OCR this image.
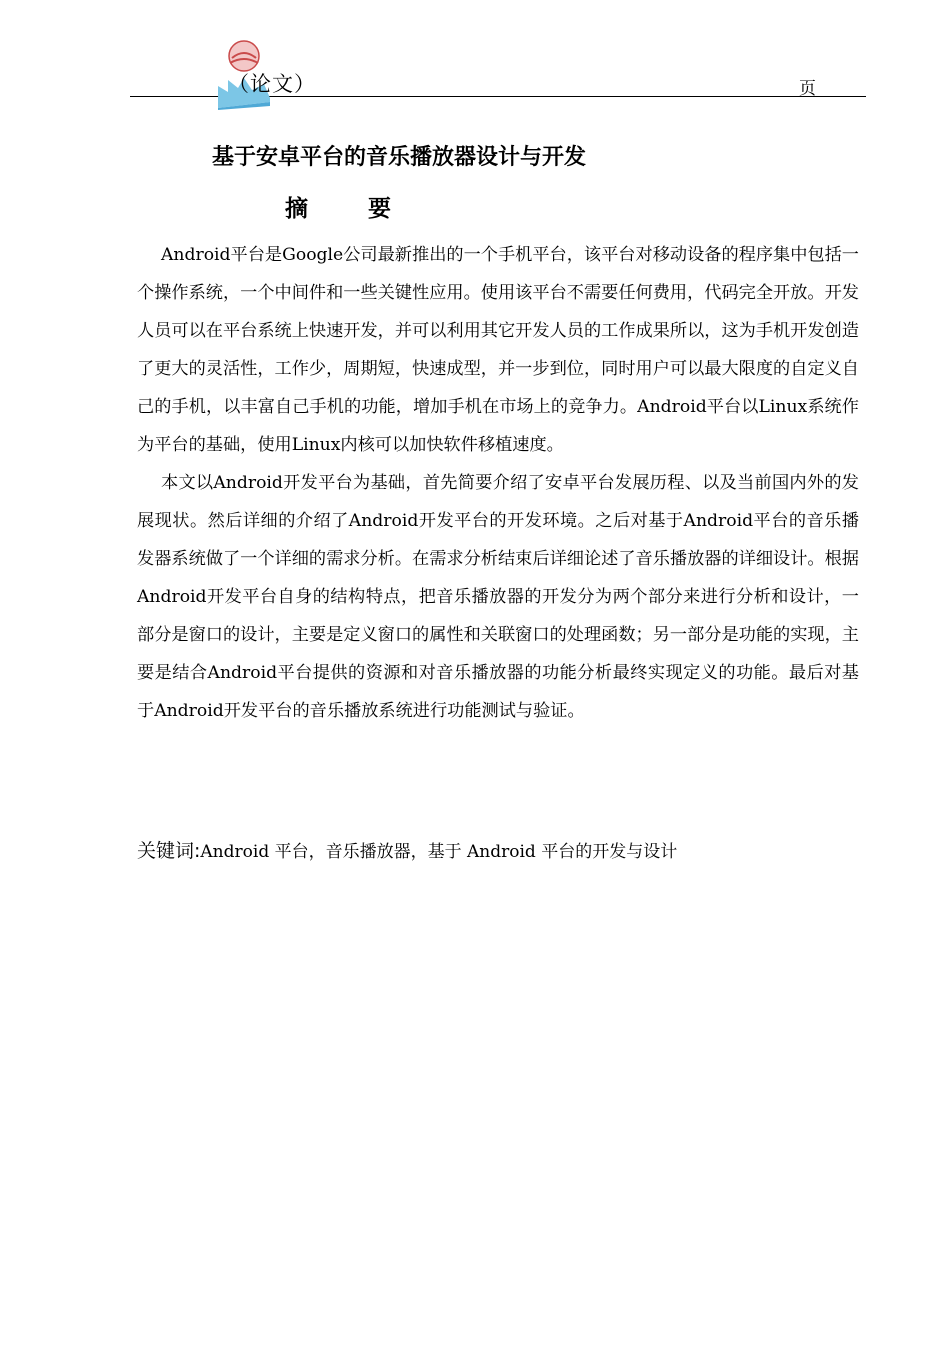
（论文）	页
基于安卓平台的音乐播放器设计与开发
摘 要

Android平台是Google公司最新推出的一个手机平台，该平台对移动设备的程序集中包括一个操作系统，一个中间件和一些关键性应用。使用该平台不需要任何费用，代码完全开放。开发人员可以在平台系统上快速开发，并可以利用其它开发人员的工作成果所以，这为手机开发创造了更大的灵活性，工作少，周期短，快速成型，并一步到位，同时用户可以最大限度的自定义自己的手机，以丰富自己手机的功能，增加手机在市场上的竞争力。Android平台以Linux系统作为平台的基础，使用Linux内核可以加快软件移植速度。

本文以Android开发平台为基础，首先简要介绍了安卓平台发展历程、以及当前国内外的发展现状。然后详细的介绍了Android开发平台的开发环境。之后对基于Android平台的音乐播发器系统做了一个详细的需求分析。在需求分析结束后详细论述了音乐播放器的详细设计。根据Android开发平台自身的结构特点，把音乐播放器的开发分为两个部分来进行分析和设计，一部分是窗口的设计，主要是定义窗口的属性和关联窗口的处理函数；另一部分是功能的实现，主要是结合Android平台提供的资源和对音乐播放器的功能分析最终实现定义的功能。最后对基于Android开发平台的音乐播放系统进行功能测试与验证。

关键词:Android 平台，音乐播放器，基于 Android 平台的开发与设计
